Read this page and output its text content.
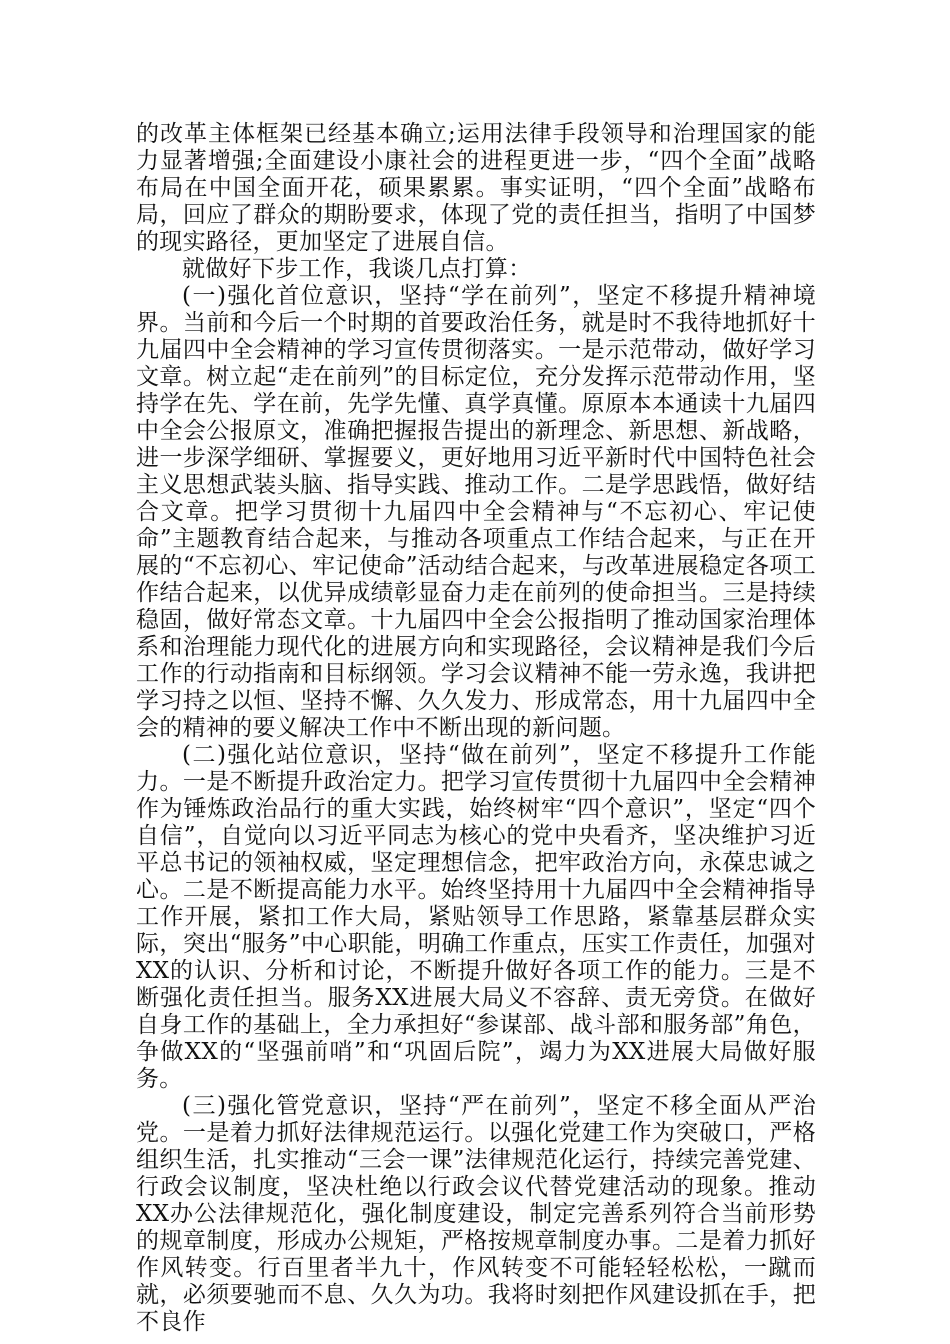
的改革主体框架已经基本确立;运用法律手段领导和治理国家的能力显著增强;全面建设小康社会的进程更进一步，“四个全面”战略布局在中国全面开花，硕果累累。事实证明，“四个全面”战略布局，回应了群众的期盼要求，体现了党的责任担当，指明了中国梦的现实路径，更加坚定了进展自信。

就做好下步工作，我谈几点打算：

(一)强化首位意识，坚持“学在前列”，坚定不移提升精神境界。当前和今后一个时期的首要政治任务，就是时不我待地抓好十九届四中全会精神的学习宣传贯彻落实。一是示范带动，做好学习文章。树立起“走在前列”的目标定位，充分发挥示范带动作用，坚持学在先、学在前，先学先懂、真学真懂。原原本本通读十九届四中全会公报原文，准确把握报告提出的新理念、新思想、新战略，进一步深学细研、掌握要义，更好地用习近平新时代中国特色社会主义思想武装头脑、指导实践、推动工作。二是学思践悟，做好结合文章。把学习贯彻十九届四中全会精神与“不忘初心、牢记使命”主题教育结合起来，与推动各项重点工作结合起来，与正在开展的“不忘初心、牢记使命”活动结合起来，与改革进展稳定各项工作结合起来，以优异成绩彰显奋力走在前列的使命担当。三是持续稳固，做好常态文章。十九届四中全会公报指明了推动国家治理体系和治理能力现代化的进展方向和实现路径，会议精神是我们今后工作的行动指南和目标纲领。学习会议精神不能一劳永逸，我讲把学习持之以恒、坚持不懈、久久发力、形成常态，用十九届四中全会的精神的要义解决工作中不断出现的新问题。

(二)强化站位意识，坚持“做在前列”，坚定不移提升工作能力。一是不断提升政治定力。把学习宣传贯彻十九届四中全会精神作为锤炼政治品行的重大实践，始终树牢“四个意识”，坚定“四个自信”，自觉向以习近平同志为核心的党中央看齐，坚决维护习近平总书记的领袖权威，坚定理想信念，把牢政治方向，永葆忠诚之心。二是不断提高能力水平。始终坚持用十九届四中全会精神指导工作开展，紧扣工作大局，紧贴领导工作思路，紧靠基层群众实际，突出“服务”中心职能，明确工作重点，压实工作责任，加强对XX的认识、分析和讨论，不断提升做好各项工作的能力。三是不断强化责任担当。服务XX进展大局义不容辞、责无旁贷。在做好自身工作的基础上，全力承担好“参谋部、战斗部和服务部”角色，争做XX的“坚强前哨”和“巩固后院”，竭力为XX进展大局做好服务。

(三)强化管党意识，坚持“严在前列”，坚定不移全面从严治党。一是着力抓好法律规范运行。以强化党建工作为突破口，严格组织生活，扎实推动“三会一课”法律规范化运行，持续完善党建、行政会议制度，坚决杜绝以行政会议代替党建活动的现象。推动XX办公法律规范化，强化制度建设，制定完善系列符合当前形势的规章制度，形成办公规矩，严格按规章制度办事。二是着力抓好作风转变。行百里者半九十，作风转变不可能轻轻松松，一蹴而就，必须要驰而不息、久久为功。我将时刻把作风建设抓在手，把不良作
